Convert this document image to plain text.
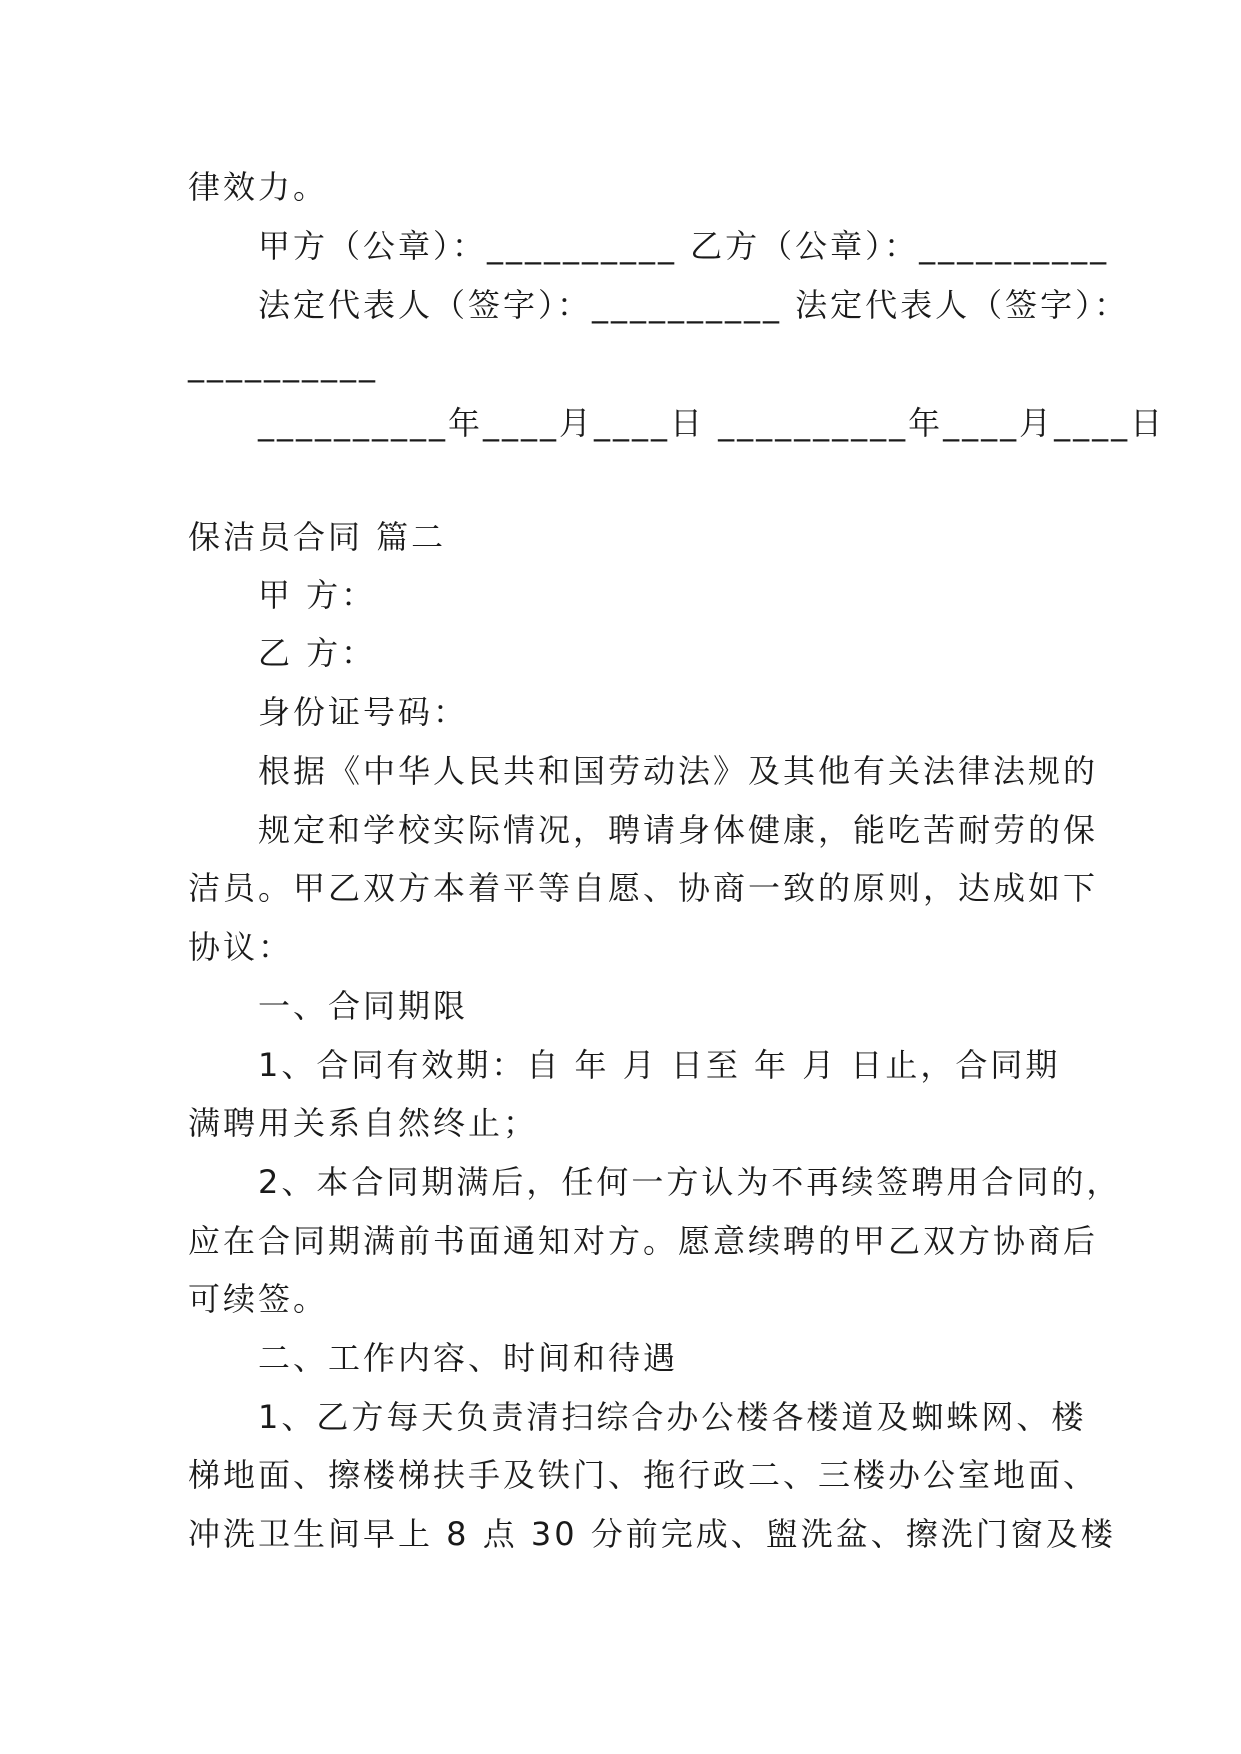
律效力。
甲方（公章）：__________ 乙方（公章）：__________
法定代表人（签字）：__________ 法定代表人（签字）：
__________
__________年____月____日 __________年____月____日
保洁员合同 篇二
甲 方：
乙 方：
身份证号码：
根据《中华人民共和国劳动法》及其他有关法律法规的
规定和学校实际情况，聘请身体健康，能吃苦耐劳的保
洁员。甲乙双方本着平等自愿、协商一致的原则，达成如下
协议：
一、合同期限
1、合同有效期：自 年 月 日至 年 月 日止，合同期
满聘用关系自然终止；
2、本合同期满后，任何一方认为不再续签聘用合同的，
应在合同期满前书面通知对方。愿意续聘的甲乙双方协商后
可续签。
二、工作内容、时间和待遇
1、乙方每天负责清扫综合办公楼各楼道及蜘蛛网、楼
梯地面、擦楼梯扶手及铁门、拖行政二、三楼办公室地面、
冲洗卫生间早上 8 点 30 分前完成、盥洗盆、擦洗门窗及楼
